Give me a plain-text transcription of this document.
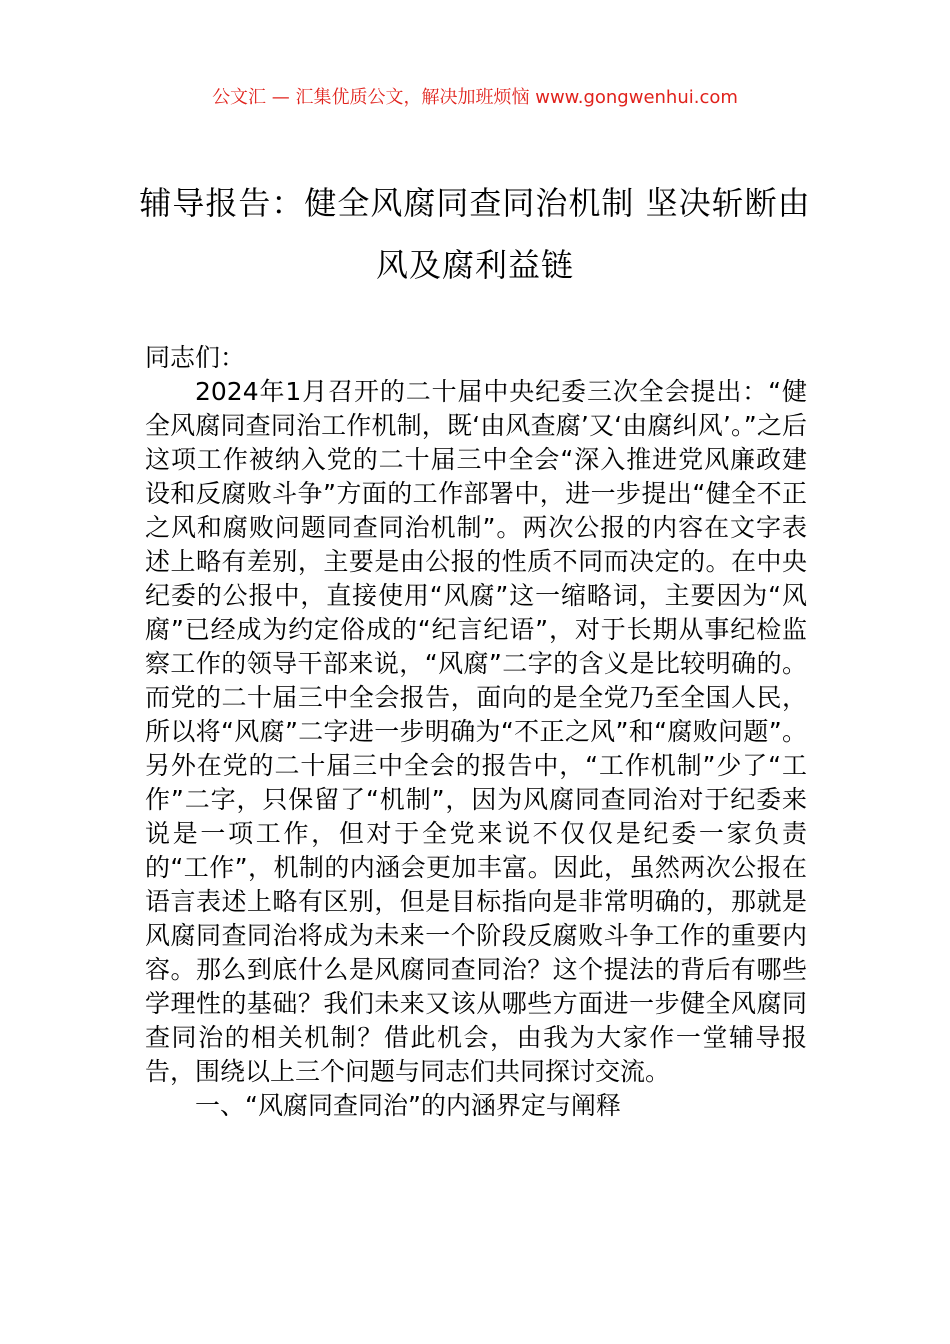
公文汇 — 汇集优质公文，解决加班烦恼 www.gongwenhui.com
辅导报告：健全风腐同查同治机制 坚决斩断由风及腐利益链

同志们：

2024年1月召开的二十届中央纪委三次全会提出：“健全风腐同查同治工作机制，既‘由风查腐’又‘由腐纠风’。”之后这项工作被纳入党的二十届三中全会“深入推进党风廉政建设和反腐败斗争”方面的工作部署中，进一步提出“健全不正之风和腐败问题同查同治机制”。两次公报的内容在文字表述上略有差别，主要是由公报的性质不同而决定的。在中央纪委的公报中，直接使用“风腐”这一缩略词，主要因为“风腐”已经成为约定俗成的“纪言纪语”，对于长期从事纪检监察工作的领导干部来说，“风腐”二字的含义是比较明确的。而党的二十届三中全会报告，面向的是全党乃至全国人民，所以将“风腐”二字进一步明确为“不正之风”和“腐败问题”。另外在党的二十届三中全会的报告中，“工作机制”少了“工作”二字，只保留了“机制”，因为风腐同查同治对于纪委来说是一项工作，但对于全党来说不仅仅是纪委一家负责的“工作”，机制的内涵会更加丰富。因此，虽然两次公报在语言表述上略有区别，但是目标指向是非常明确的，那就是风腐同查同治将成为未来一个阶段反腐败斗争工作的重要内容。那么到底什么是风腐同查同治？这个提法的背后有哪些学理性的基础？我们未来又该从哪些方面进一步健全风腐同查同治的相关机制？借此机会，由我为大家作一堂辅导报告，围绕以上三个问题与同志们共同探讨交流。

一、“风腐同查同治”的内涵界定与阐释
